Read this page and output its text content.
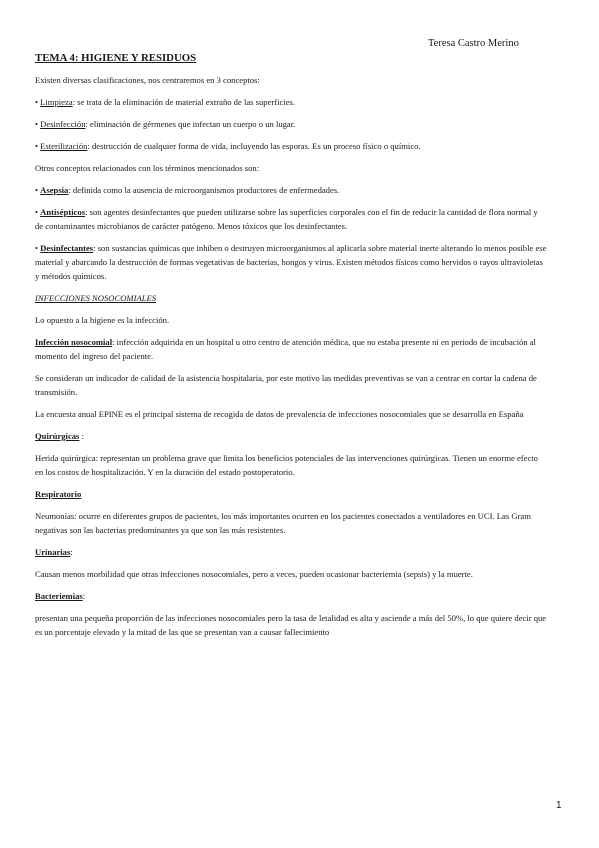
Teresa Castro Merino
TEMA 4: HIGIENE Y RESIDUOS

Existen diversas clasificaciones, nos centraremos en 3 conceptos:

• Limpieza: se trata de la eliminación de material extraño de las superficies.

• Desinfección: eliminación de gérmenes que infectan un cuerpo o un lugar.

• Esterilización: destrucción de cualquier forma de vida, incluyendo las esporas. Es un proceso físico o químico.

Otros conceptos relacionados con los términos mencionados son:

• Asepsia: definida como la ausencia de microorganismos productores de enfermedades.

• Antisépticos: son agentes desinfectantes que pueden utilizarse sobre las superficies corporales con el fin de reducir la cantidad de flora normal y de contaminantes microbianos de carácter patógeno. Menos tóxicos que los desinfectantes.

• Desinfectantes: son sustancias químicas que inhiben o destruyen microorganismos al aplicarla sobre material inerte alterando lo menos posible ese material y abarcando la destrucción de formas vegetativas de bacterias, hongos y virus. Existen métodos físicos como hervidos o rayos ultravioletas y métodos químicos.

INFECCIONES NOSOCOMIALES

Lo opuesto a la higiene es la infección.

Infección nosocomial: infección adquirida en un hospital u otro centro de atención médica, que no estaba presente ni en periodo de incubación al momento del ingreso del paciente.

Se consideran un indicador de calidad de la asistencia hospitalaria, por este motivo las medidas preventivas se van a centrar en cortar la cadena de transmisión.

La encuesta anual EPINE es el principal sistema de recogida de datos de prevalencia de infecciones nosocomiales que se desarrolla en España

Quirúrgicas :

Herida quirúrgica: representan un problema grave que limita los beneficios potenciales de las intervenciones quirúrgicas. Tienen un enorme efecto en los costos de hospitalización. Y en la duración del estado postoperatorio.

Respiratorio

Neumonías: ocurre en diferentes grupos de pacientes, los más importantes ocurren en los pacientes conectados a ventiladores en UCI. Las Gram negativas son las bacterias predominantes ya que son las más resistentes.

Urinarias:

Causan menos morbilidad que otras infecciones nosocomiales, pero a veces, pueden ocasionar bacteriemia (sepsis) y la muerte.

Bacteriemias:

presentan una pequeña proporción de las infecciones nosocomiales pero la tasa de letalidad es alta y asciende a más del 50%, lo que quiere decir que es un porcentaje elevado y la mitad de las que se presentan van a causar fallecimiento

1
